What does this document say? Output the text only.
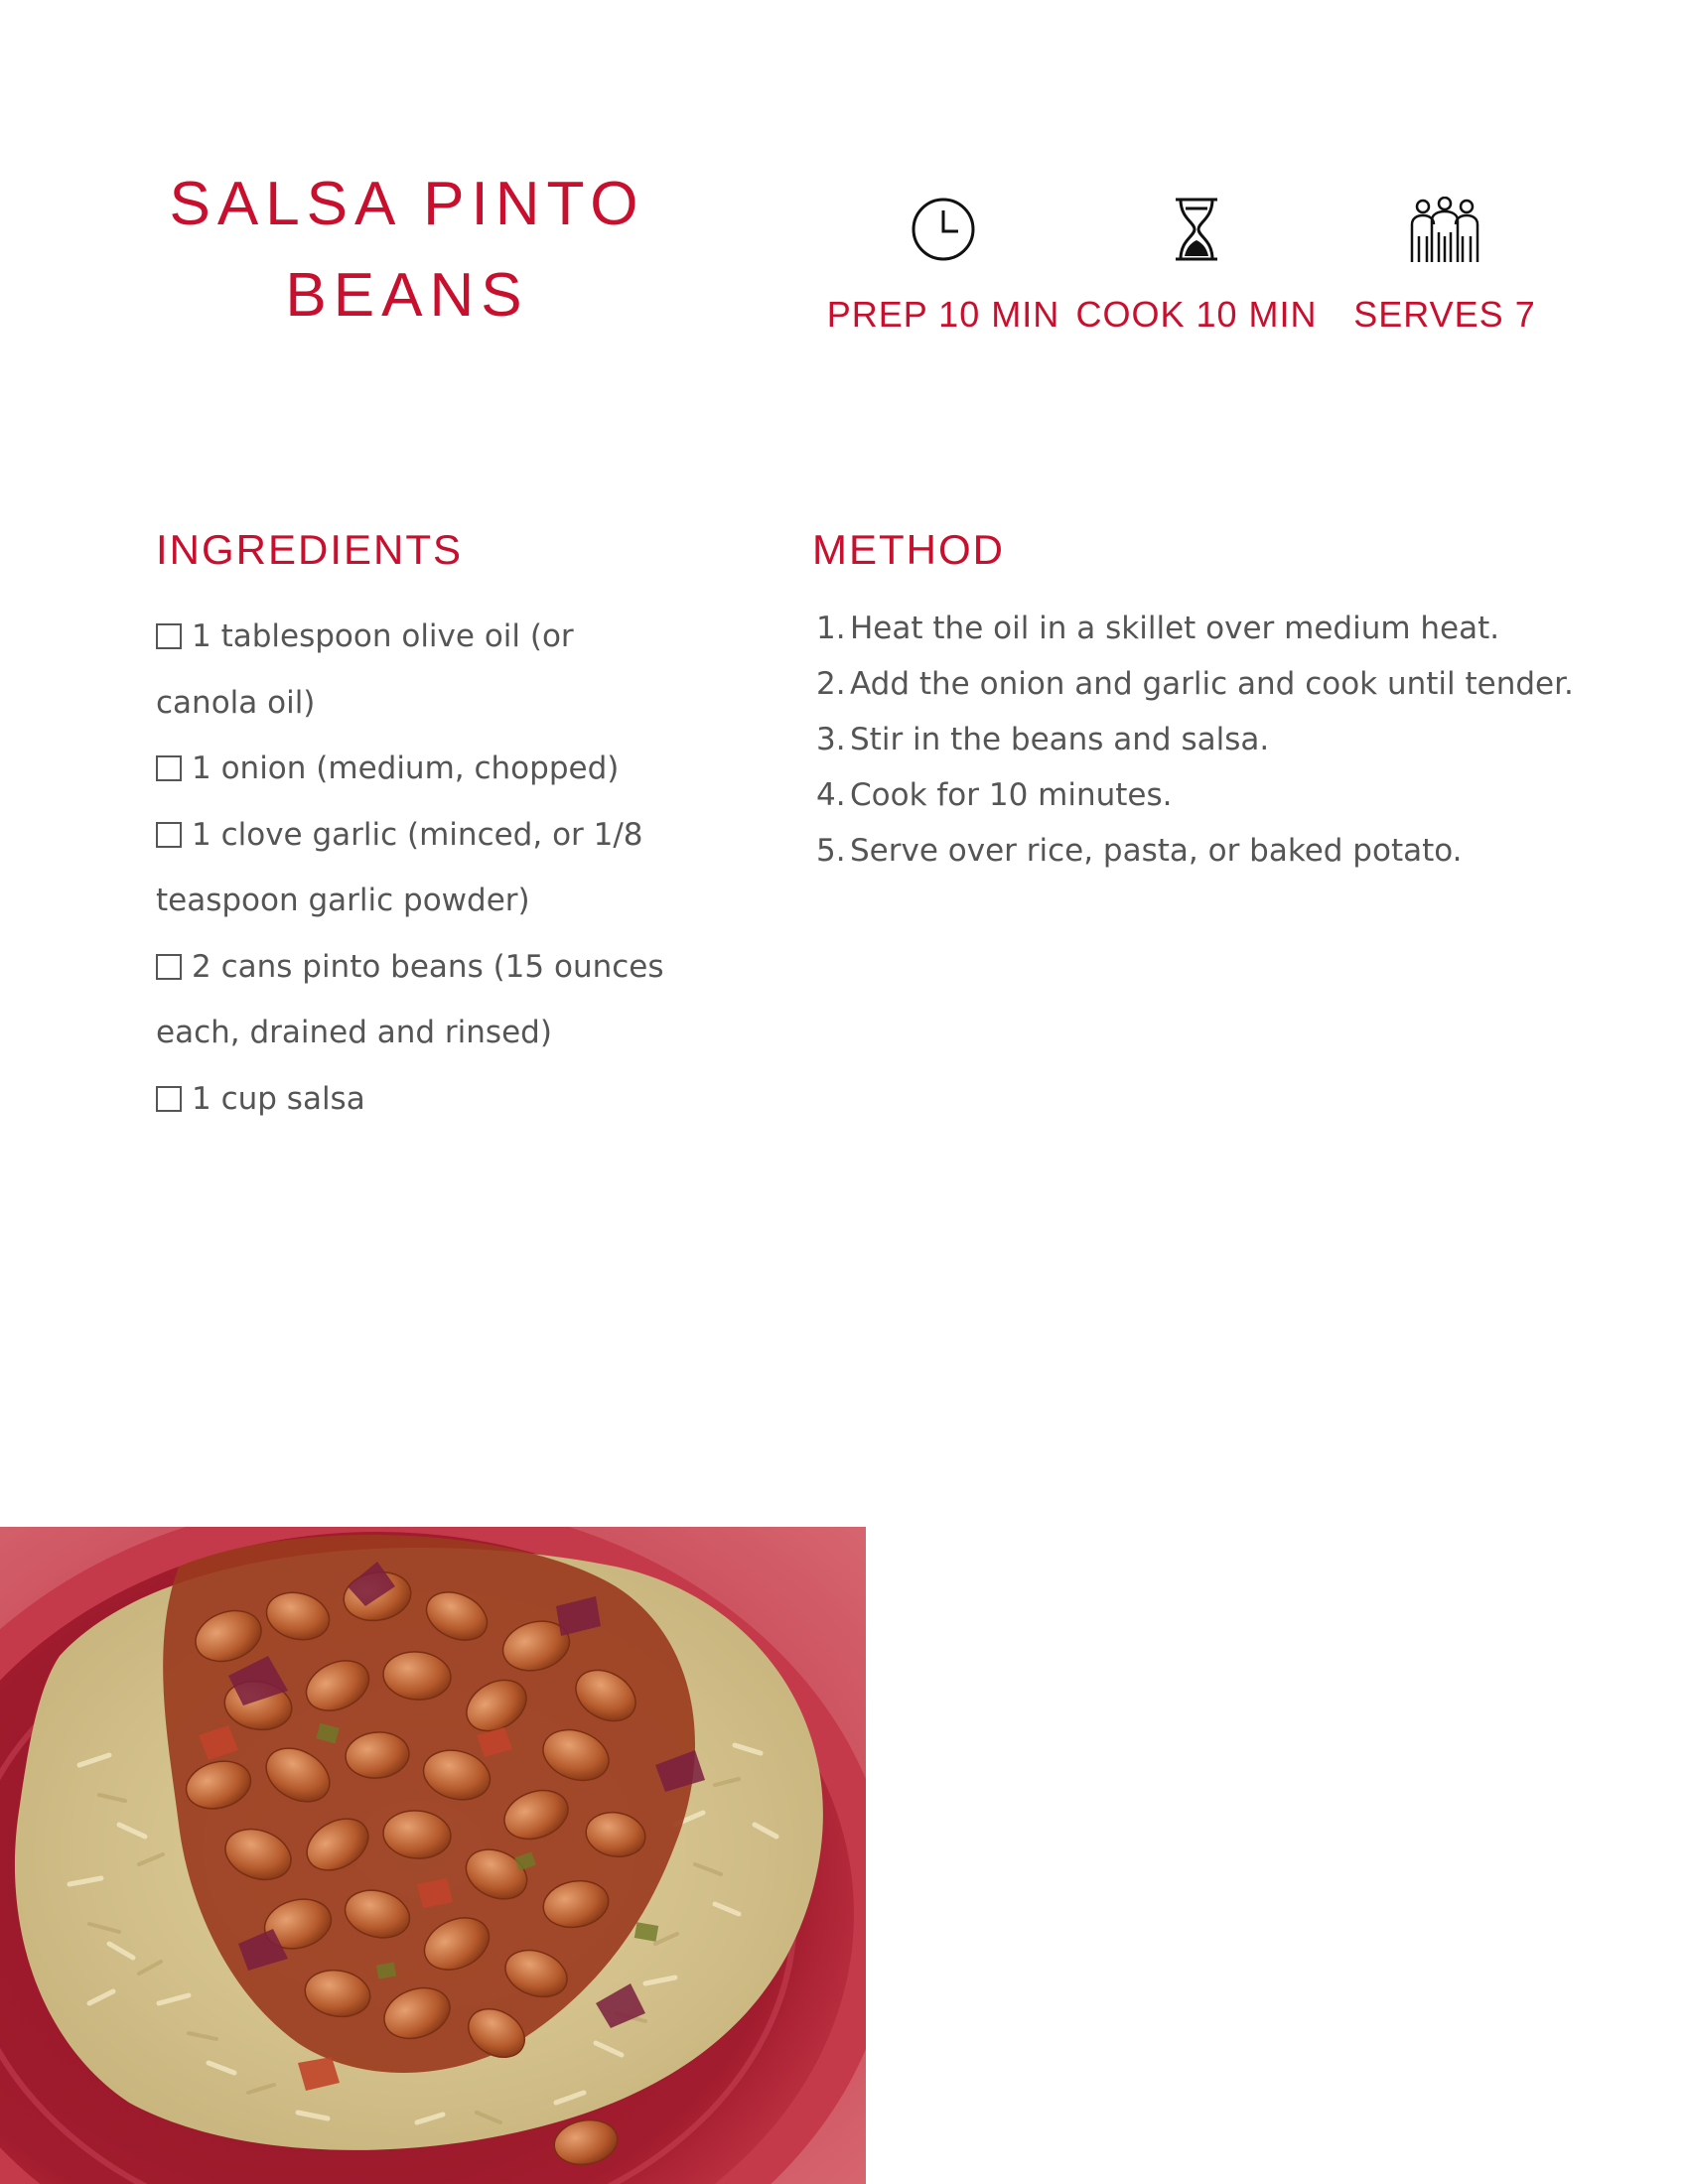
SALSA PINTO
BEANS	PREP 10 MIN COOK 10 MIN	SERVES 7
INGREDIENTS
1 tablespoon olive oil (or canola oil)
1 onion (medium, chopped)
1 clove garlic (minced, or 1/8 teaspoon garlic powder)
2 cans pinto beans (15 ounces each, drained and rinsed)
1 cup salsa
METHOD
1. Heat the oil in a skillet over medium heat.
2. Add the onion and garlic and cook until tender.
3. Stir in the beans and salsa.
4. Cook for 10 minutes.
5. Serve over rice, pasta, or baked potato.
